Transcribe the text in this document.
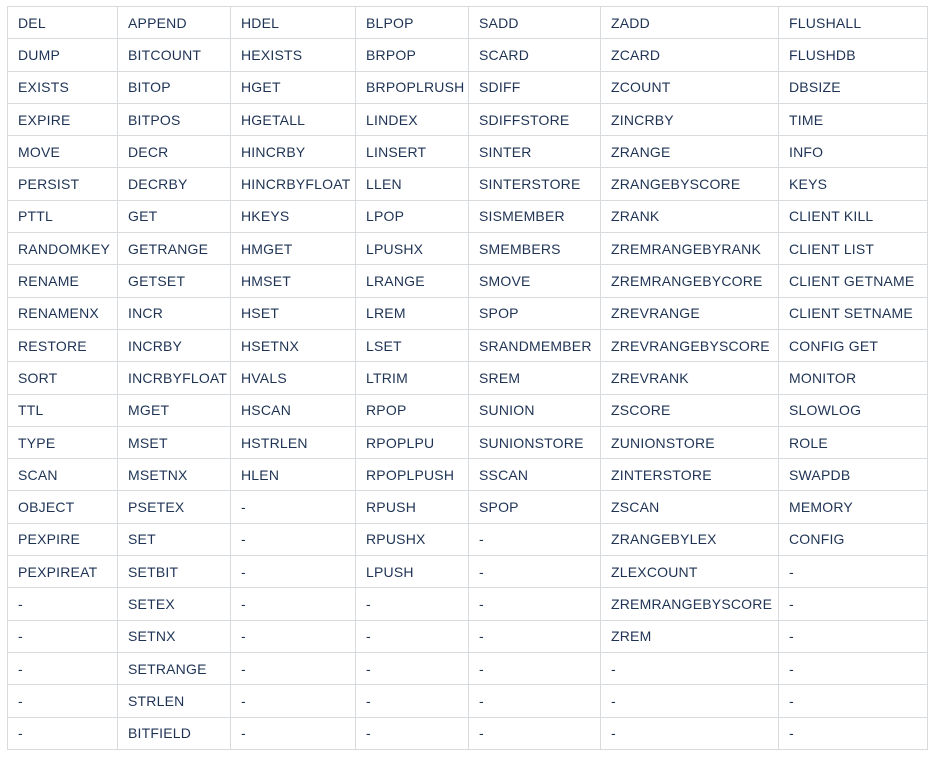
DEL	APPEND	HDEL	BLPOP	SADD	ZADD	FLUSHALL
DUMP	BITCOUNT	HEXISTS	BRPOP	SCARD	ZCARD	FLUSHDB
EXISTS	BITOP	HGET	BRPOPLRUSH	SDIFF	ZCOUNT	DBSIZE
EXPIRE	BITPOS	HGETALL	LINDEX	SDIFFSTORE	ZINCRBY	TIME
MOVE	DECR	HINCRBY	LINSERT	SINTER	ZRANGE	INFO
PERSIST	DECRBY	HINCRBYFLOAT	LLEN	SINTERSTORE	ZRANGEBYSCORE	KEYS
PTTL	GET	HKEYS	LPOP	SISMEMBER	ZRANK	CLIENT KILL
RANDOMKEY	GETRANGE	HMGET	LPUSHX	SMEMBERS	ZREMRANGEBYRANK	CLIENT LIST
RENAME	GETSET	HMSET	LRANGE	SMOVE	ZREMRANGEBYCORE	CLIENT GETNAME
RENAMENX	INCR	HSET	LREM	SPOP	ZREVRANGE	CLIENT SETNAME
RESTORE	INCRBY	HSETNX	LSET	SRANDMEMBER	ZREVRANGEBYSCORE	CONFIG GET
SORT	INCRBYFLOAT	HVALS	LTRIM	SREM	ZREVRANK	MONITOR
TTL	MGET	HSCAN	RPOP	SUNION	ZSCORE	SLOWLOG
TYPE	MSET	HSTRLEN	RPOPLPU	SUNIONSTORE	ZUNIONSTORE	ROLE
SCAN	MSETNX	HLEN	RPOPLPUSH	SSCAN	ZINTERSTORE	SWAPDB
OBJECT	PSETEX	-	RPUSH	SPOP	ZSCAN	MEMORY
PEXPIRE	SET	-	RPUSHX	-	ZRANGEBYLEX	CONFIG
PEXPIREAT	SETBIT	-	LPUSH	-	ZLEXCOUNT	-
-	SETEX	-	-	-	ZREMRANGEBYSCORE	-
-	SETNX	-	-	-	ZREM	-
-	SETRANGE	-	-	-	-	-
-	STRLEN	-	-	-	-	-
-	BITFIELD	-	-	-	-	-
